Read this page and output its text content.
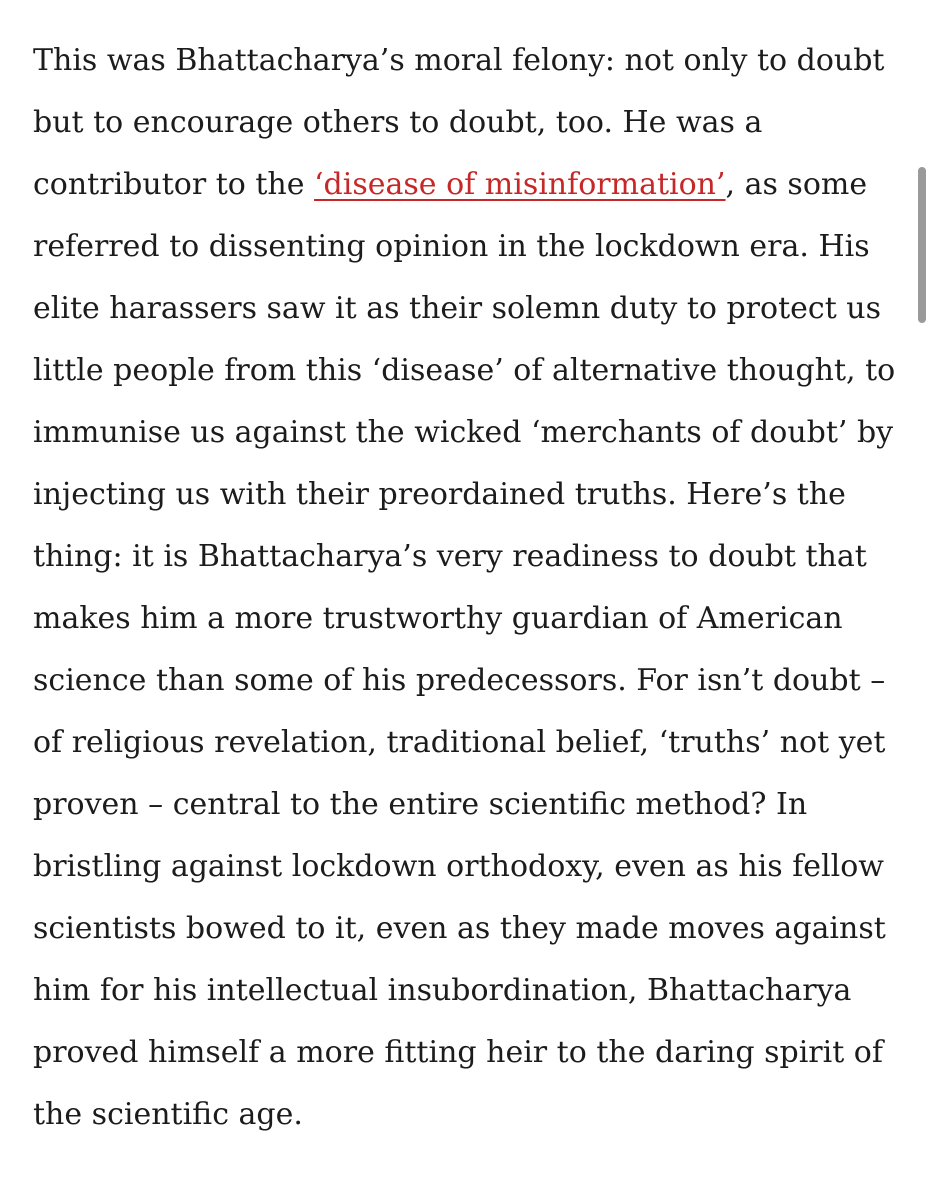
This was Bhattacharya’s moral felony: not only to doubt
but to encourage others to doubt, too. He was a
contributor to the ‘disease of misinformation’, as some
referred to dissenting opinion in the lockdown era. His
elite harassers saw it as their solemn duty to protect us
little people from this ‘disease’ of alternative thought, to
immunise us against the wicked ‘merchants of doubt’ by
injecting us with their preordained truths. Here’s the
thing: it is Bhattacharya’s very readiness to doubt that
makes him a more trustworthy guardian of American
science than some of his predecessors. For isn’t doubt –
of religious revelation, traditional belief, ‘truths’ not yet
proven – central to the entire scientific method? In
bristling against lockdown orthodoxy, even as his fellow
scientists bowed to it, even as they made moves against
him for his intellectual insubordination, Bhattacharya
proved himself a more fitting heir to the daring spirit of
the scientific age.
